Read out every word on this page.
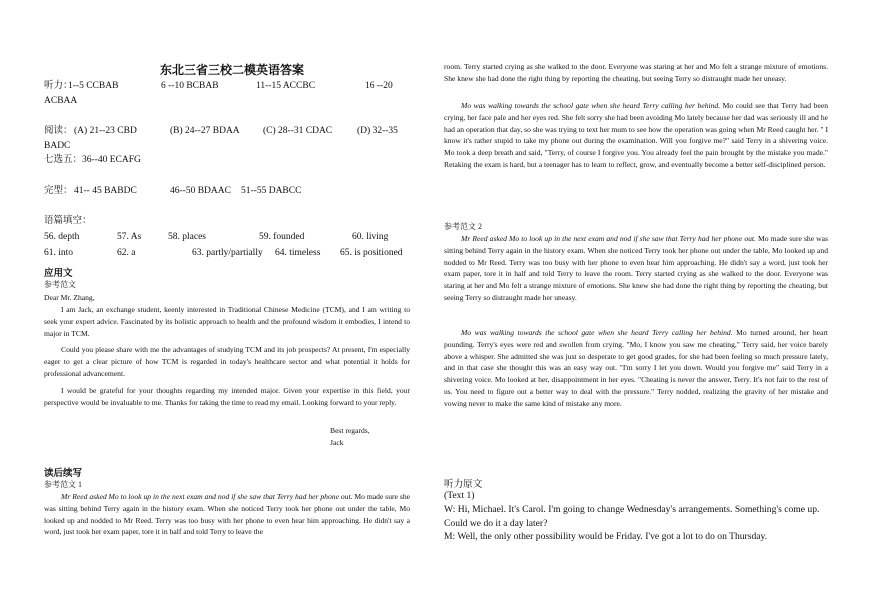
东北三省三校二模英语答案
听力：
1--5 CCBAB	6 --10 BCBAB	11--15 ACCBC	16 --20
ACBAA
阅读： (A) 21--23 CBD	(B) 24--27 BDAA (C) 28--31 CDAC	(D) 32--35
BADC
七选五：36--40 ECAFG
完型： 41-- 45 BABDC	46--50 BDAAC 51--55 DABCC
语篇填空：
56. depth	57. As	58. places	59. founded	60. living
61. into	62. a	63. partly/partially 64. timeless 65. is positioned
应用文
参考范文
Dear Mr. Zhang,
I am Jack, an exchange student, keenly interested in Traditional Chinese Medicine (TCM), and I am writing to seek your expert advice. Fascinated by its holistic approach to health and the profound wisdom it embodies, I intend to major in TCM.
Could you please share with me the advantages of studying TCM and its job prospects? At present, I'm especially eager to get a clear picture of how TCM is regarded in today's healthcare sector and what potential it holds for professional advancement.
I would be grateful for your thoughts regarding my intended major. Given your expertise in this field, your perspective would be invaluable to me. Thanks for taking the time to read my email. Looking forward to your reply.
Best regards,
Jack
读后续写
参考范文 1
Mr Reed asked Mo to look up in the next exam and nod if she saw that Terry had her phone out. Mo made sure she was sitting behind Terry again in the history exam. When she noticed Terry took her phone out under the table, Mo looked up and nodded to Mr Reed. Terry was too busy with her phone to even hear him approaching. He didn't say a word, just took her exam paper, tore it in half and told Terry to leave the
room. Terry started crying as she walked to the door. Everyone was staring at her and Mo felt a strange mixture of emotions. She knew she had done the right thing by reporting the cheating, but seeing Terry so distraught made her uneasy.
Mo was walking towards the school gate when she heard Terry calling her behind. Mo could see that Terry had been crying, her face pale and her eyes red. She felt sorry she had been avoiding Mo lately because her dad was seriously ill and he had an operation that day, so she was trying to text her mum to see how the operation was going when Mr Reed caught her. " I know it's rather stupid to take my phone out during the examination. Will you forgive me?" said Terry in a shivering voice. Mo took a deep breath and said, "Terry, of course I forgive you. You already feel the pain brought by the mistake you made." Retaking the exam is hard, but a teenager has to learn to reflect, grow, and eventually become a better self-disciplined person.
参考范文 2
Mr Reed asked Mo to look up in the next exam and nod if she saw that Terry had her phone out. Mo made sure she was sitting behind Terry again in the history exam. When she noticed Terry took her phone out under the table, Mo looked up and nodded to Mr Reed. Terry was too busy with her phone to even hear him approaching. He didn't say a word, just took her exam paper, tore it in half and told Terry to leave the room. Terry started crying as she walked to the door. Everyone was staring at her and Mo felt a strange mixture of emotions. She knew she had done the right thing by reporting the cheating, but seeing Terry so distraught made her uneasy.
Mo was walking towards the school gate when she heard Terry calling her behind. Mo turned around, her heart pounding. Terry's eyes were red and swollen from crying. "Mo, I know you saw me cheating," Terry said, her voice barely above a whisper. She admitted she was just so desperate to get good grades, for she had been feeling so much pressure lately, and in that case she thought this was an easy way out. "I'm sorry I let you down. Would you forgive me" said Terry in a shivering voice. Mo looked at her, disappointment in her eyes. "Cheating is never the answer, Terry. It's not fair to the rest of us. You need to figure out a better way to deal with the pressure." Terry nodded, realizing the gravity of her mistake and vowing never to make the same kind of mistake any more.
听力原文
(Text 1)
W: Hi, Michael. It's Carol. I'm going to change Wednesday's arrangements. Something's come up. Could we do it a day later?
M: Well, the only other possibility would be Friday. I've got a lot to do on Thursday.
